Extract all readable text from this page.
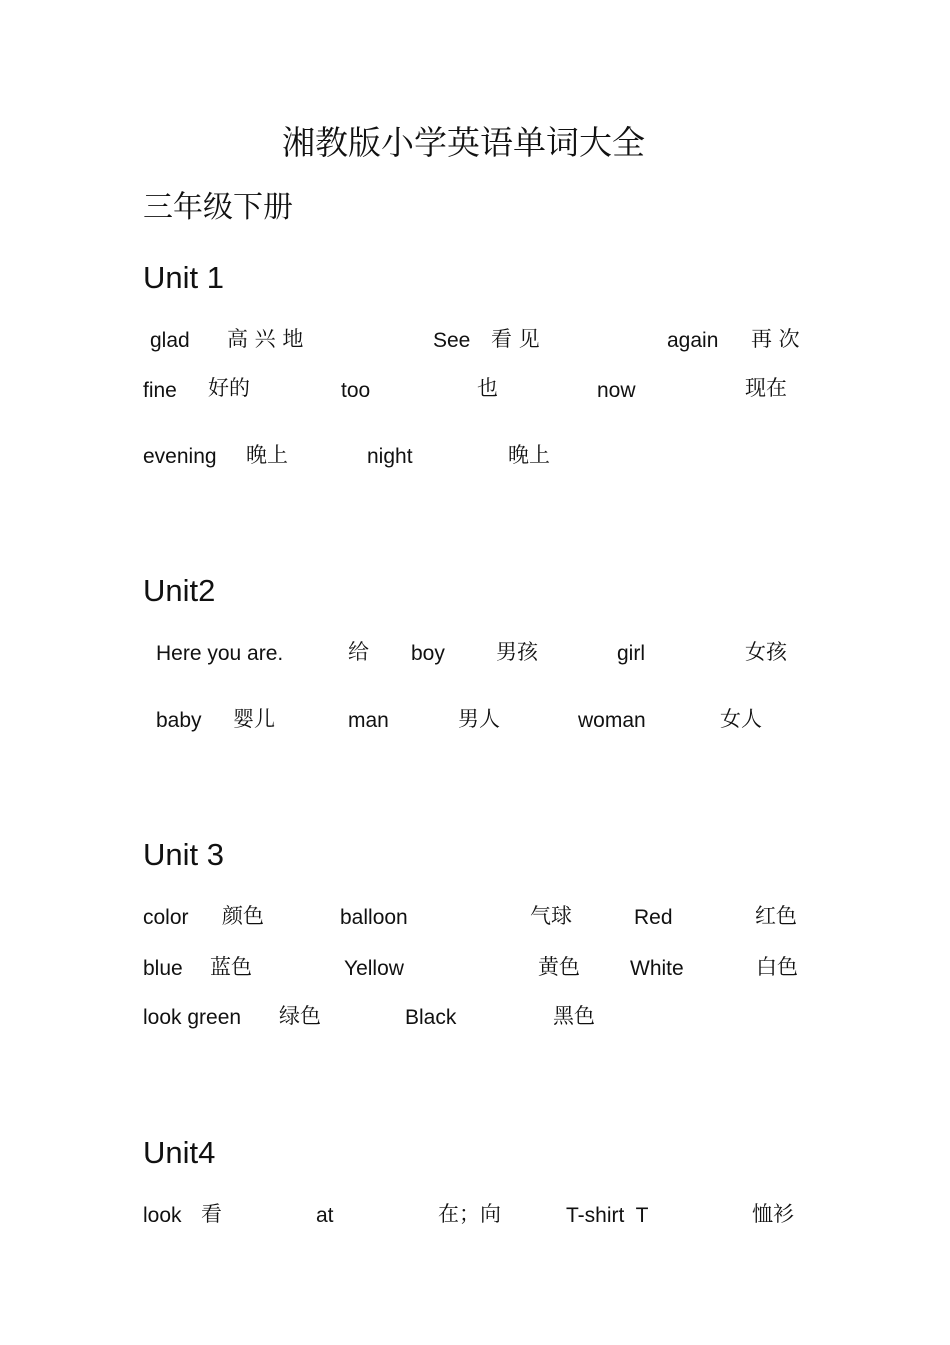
湘教版小学英语单词大全
三年级下册
Unit 1
glad 高 兴 地	See 看 见	again 再 次
fine 好的	too	也	now	现在
evening 晚上	night	晚上
Unit2
Here you are.	给 boy 男孩	girl	女孩
baby 婴儿	man	男人	woman	女人
Unit 3
color 颜色	balloon	气球	Red	红色
blue 蓝色	Yellow	黄色 White	白色
look green 绿色	Black	黑色
Unit4
look 看	at	在；向	T-shirt  T	恤衫
